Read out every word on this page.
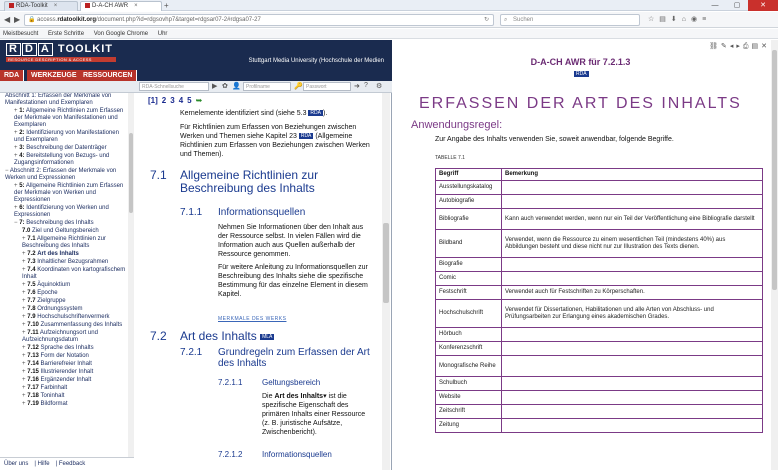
RDA-Toolkit ×	D-A-CH AWR ×	+	— ▢	✕
◀ ▶ 🔒 access.rdatoolkit.org/document.php?id=rdgsovhp7&target=rdgsar07-2#rdgsa07-27	↻	⌕ Suchen	☆▤⬇⌂◉≡
Meistbesucht Erste Schritte Von Google Chrome Uhr
R D A TOOLKIT
RESOURCE DESCRIPTION & ACCESS	Stuttgart Media University (Hochschule der Medien
RDA	WERKZEUGE RESSOURCEN
RDA-Schnellsuche	▶ ✿ 👤	Profilname	🔑 Passwort	➜ ? ⚙
Abschnitt 1: Erfassen der Merkmale von Manifestationen und Exemplaren
+ 1: Allgemeine Richtlinien zum Erfassen der Merkmale von Manifestationen und Exemplaren
+ 2: Identifizierung von Manifestationen und Exemplaren
+ 3: Beschreibung der Datenträger
+ 4: Bereitstellung von Bezugs- und Zugangsinformationen
− Abschnitt 2: Erfassen der Merkmale von Werken und Expressionen
+ 5: Allgemeine Richtlinien zum Erfassen der Merkmale von Werken und Expressionen
+ 6: Identifizierung von Werken und Expressionen
− 7: Beschreibung des Inhalts
7.0 Ziel und Geltungsbereich
+ 7.1 Allgemeine Richtlinien zur Beschreibung des Inhalts
+ 7.2 Art des Inhalts
+ 7.3 Inhaltlicher Bezugsrahmen
+ 7.4 Koordinaten von kartografischem Inhalt
+ 7.5 Äquinoktium
+ 7.6 Epoche
+ 7.7 Zielgruppe
+ 7.8 Ordnungssystem
+ 7.9 Hochschulschriftenvermerk
+ 7.10 Zusammenfassung des Inhalts
+ 7.11 Aufzeichnungsort und Aufzeichnungsdatum
+ 7.12 Sprache des Inhalts
+ 7.13 Form der Notation
+ 7.14 Barrierefreier Inhalt
+ 7.15 Illustrierender Inhalt
+ 7.16 Ergänzender Inhalt
+ 7.17 Farbinhalt
+ 7.18 Toninhalt
+ 7.19 Bildformat
Über uns | Hilfe | Feedback
[1] 2 3 4 5 ➥
Kernelemente identifiziert sind (siehe 5.3 RDA ).
Für Richtlinien zum Erfassen von Beziehungen zwischen Werken und Themen siehe Kapitel 23 RDA (Allgemeine Richtlinien zum Erfassen von Beziehungen zwischen Werken und Themen).
7.1 Allgemeine Richtlinien zur Beschreibung des Inhalts
7.1.1 Informationsquellen
Nehmen Sie Informationen über den Inhalt aus der Ressource selbst. In vielen Fällen wird die Information auch aus Quellen außerhalb der Ressource genommen.
Für weitere Anleitung zu Informationsquellen zur Beschreibung des Inhalts siehe die spezifische Bestimmung für das einzelne Element in diesem Kapitel.
MERKMALE DES WERKS
7.2 Art des Inhalts MLA
7.2.1 Grundregeln zum Erfassen der Art des Inhalts
7.2.1.1 Geltungsbereich
Die Art des Inhalts▾ ist die spezifische Eigenschaft des primären Inhalts einer Ressource (z. B. juristische Aufsätze, Zwischenbericht).
7.2.1.2 Informationsquellen
⛓✎◂▸⎙▤✕
D-A-CH AWR für 7.2.1.3
RDA
ERFASSEN DER ART DES INHALTS
Anwendungsregel:
Zur Angabe des Inhalts verwenden Sie, soweit anwendbar, folgende Begriffe.
TABELLE 7.1
Begriff	Bemerkung
Ausstellungskatalog	
Autobiografie	
Bibliografie	Kann auch verwendet werden, wenn nur ein Teil der Veröffentlichung eine Bibliografie darstellt
Bildband	Verwendet, wenn die Ressource zu einem wesentlichen Teil (mindestens 40%) aus Abbildungen besteht und diese nicht nur zur Illustration des Texts dienen.
Biografie	
Comic	
Festschrift	Verwendet auch für Festschriften zu Körperschaften.
Hochschulschrift	Verwendet für Dissertationen, Habilitationen und alle Arten von Abschluss- und Prüfungsarbeiten zur Erlangung eines akademischen Grades.
Hörbuch	
Konferenzschrift	
Monografische Reihe	
Schulbuch	
Website	
Zeitschrift	
Zeitung	
